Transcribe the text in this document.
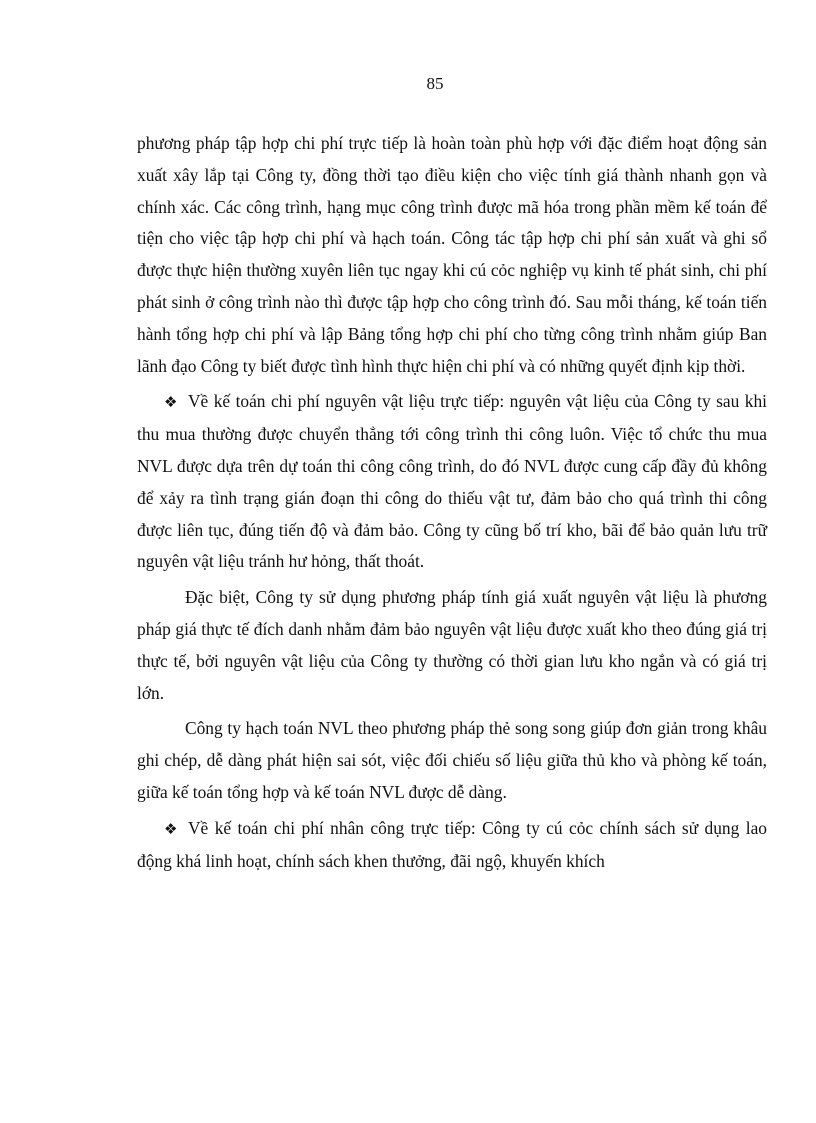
85

phương pháp tập hợp chi phí trực tiếp là hoàn toàn phù hợp với đặc điểm hoạt động sản xuất xây lắp tại Công ty, đồng thời tạo điều kiện cho việc tính giá thành nhanh gọn và chính xác. Các công trình, hạng mục công trình được mã hóa trong phần mềm kế toán để tiện cho việc tập hợp chi phí và hạch toán. Công tác tập hợp chi phí sản xuất và ghi sổ được thực hiện thường xuyên liên tục ngay khi cú cỏc nghiệp vụ kinh tế phát sinh, chi phí phát sinh ở công trình nào thì được tập hợp cho công trình đó. Sau mỗi tháng, kế toán tiến hành tổng hợp chi phí và lập Bảng tổng hợp chi phí cho từng công trình nhằm giúp Ban lãnh đạo Công ty biết được tình hình thực hiện chi phí và có những quyết định kịp thời.

❖ Về kế toán chi phí nguyên vật liệu trực tiếp: nguyên vật liệu của Công ty sau khi thu mua thường được chuyển thẳng tới công trình thi công luôn. Việc tổ chức thu mua NVL được dựa trên dự toán thi công công trình, do đó NVL được cung cấp đầy đủ không để xảy ra tình trạng gián đoạn thi công do thiếu vật tư, đảm bảo cho quá trình thi công được liên tục, đúng tiến độ và đảm bảo. Công ty cũng bố trí kho, bãi để bảo quản lưu trữ nguyên vật liệu tránh hư hỏng, thất thoát.

Đặc biệt, Công ty sử dụng phương pháp tính giá xuất nguyên vật liệu là phương pháp giá thực tế đích danh nhằm đảm bảo nguyên vật liệu được xuất kho theo đúng giá trị thực tế, bởi nguyên vật liệu của Công ty thường có thời gian lưu kho ngắn và có giá trị lớn.

Công ty hạch toán NVL theo phương pháp thẻ song song giúp đơn giản trong khâu ghi chép, dễ dàng phát hiện sai sót, việc đối chiếu số liệu giữa thủ kho và phòng kế toán, giữa kế toán tổng hợp và kế toán NVL được dễ dàng.

❖ Về kế toán chi phí nhân công trực tiếp: Công ty cú cỏc chính sách sử dụng lao động khá linh hoạt, chính sách khen thưởng, đãi ngộ, khuyến khích
